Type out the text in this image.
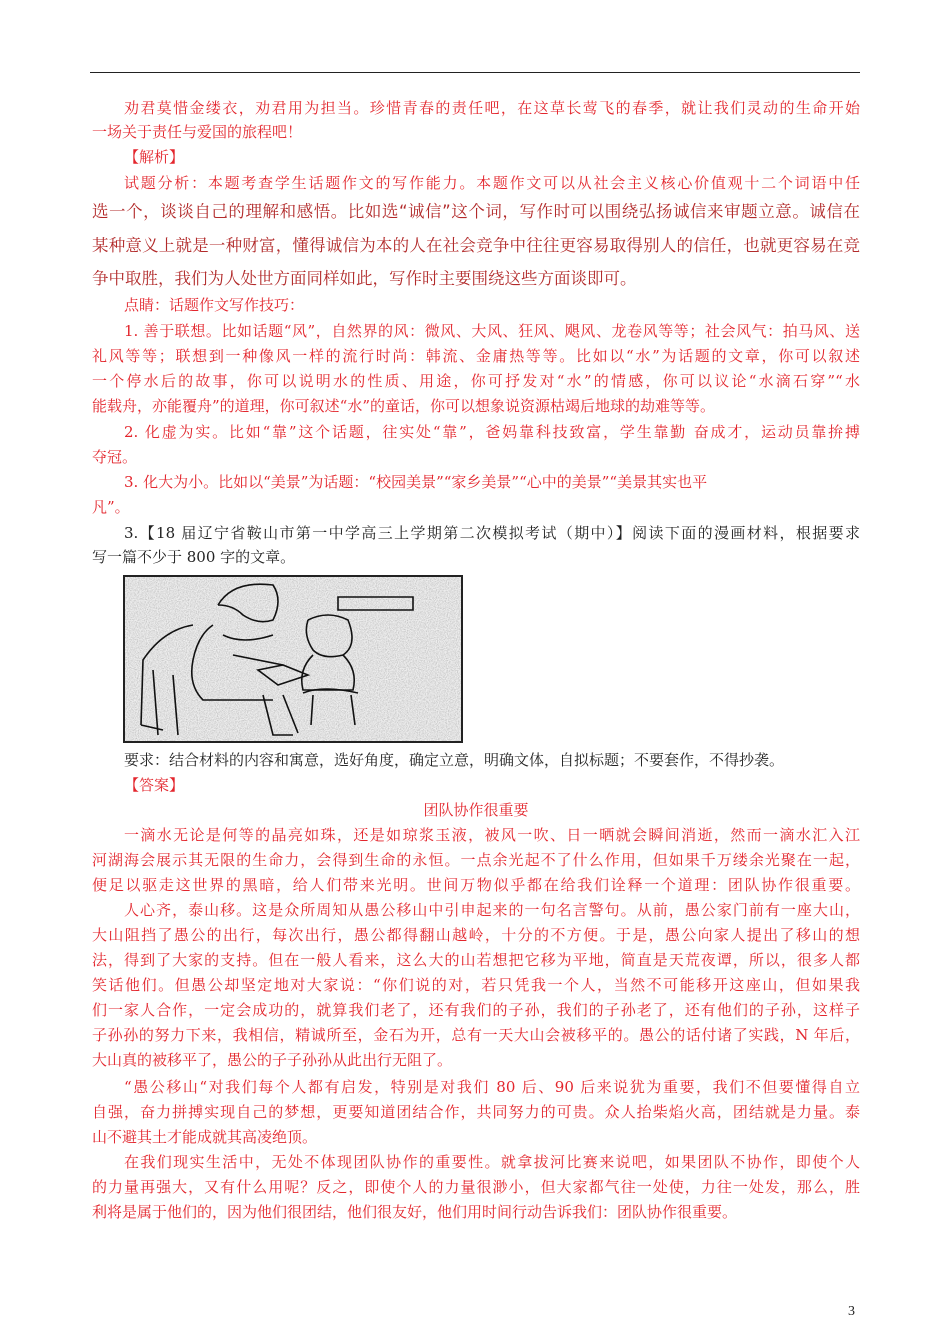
劝君莫惜金缕衣，劝君用为担当。珍惜青春的责任吧，在这草长莺飞的春季，就让我们灵动的生命开始
一场关于责任与爱国的旅程吧！
【解析】
试题分析：本题考查学生话题作文的写作能力。本题作文可以从社会主义核心价值观十二个词语中任
选一个，谈谈自己的理解和感悟。比如选“诚信”这个词，写作时可以围绕弘扬诚信来审题立意。诚信在
某种意义上就是一种财富，懂得诚信为本的人在社会竞争中往往更容易取得别人的信任，也就更容易在竞
争中取胜，我们为人处世方面同样如此，写作时主要围绕这些方面谈即可。
点睛：话题作文写作技巧：
1. 善于联想。比如话题“风”，自然界的风：微风、大风、狂风、飓风、龙卷风等等；社会风气：拍马风、送
礼风等等；联想到一种像风一样的流行时尚：韩流、金庸热等等。比如以“水”为话题的文章，你可以叙述
一个停水后的故事，你可以说明水的性质、用途，你可抒发对“水”的情感，你可以议论“水滴石穿”“水
能载舟，亦能覆舟”的道理，你可叙述“水”的童话，你可以想象说资源枯竭后地球的劫难等等。
2. 化虚为实。比如“靠”这个话题，往实处“靠”，爸妈靠科技致富，学生靠勤 奋成才，运动员靠拚搏
夺冠。
3. 化大为小。比如以“美景”为话题：“校园美景”“家乡美景”“心中的美景”“美景其实也平
凡”。
3.【18 届辽宁省鞍山市第一中学高三上学期第二次模拟考试（期中）】阅读下面的漫画材料，根据要求
写一篇不少于 800 字的文章。
要求：结合材料的内容和寓意，选好角度，确定立意，明确文体，自拟标题；不要套作，不得抄袭。
【答案】
团队协作很重要
一滴水无论是何等的晶亮如珠，还是如琼浆玉液，被风一吹、日一晒就会瞬间消逝，然而一滴水汇入江
河湖海会展示其无限的生命力，会得到生命的永恒。一点余光起不了什么作用，但如果千万缕余光聚在一起，
便足以驱走这世界的黑暗，给人们带来光明。世间万物似乎都在给我们诠释一个道理：团队协作很重要。
人心齐，泰山移。这是众所周知从愚公移山中引申起来的一句名言警句。从前，愚公家门前有一座大山，
大山阻挡了愚公的出行，每次出行，愚公都得翻山越岭，十分的不方便。于是，愚公向家人提出了移山的想
法，得到了大家的支持。但在一般人看来，这么大的山若想把它移为平地，简直是天荒夜谭，所以，很多人都
笑话他们。但愚公却坚定地对大家说：“你们说的对，若只凭我一个人，当然不可能移开这座山，但如果我
们一家人合作，一定会成功的，就算我们老了，还有我们的子孙，我们的子孙老了，还有他们的子孙，这样子
子孙孙的努力下来，我相信，精诚所至，金石为开，总有一天大山会被移平的。愚公的话付诸了实践，N 年后，
大山真的被移平了，愚公的子子孙孙从此出行无阻了。
“愚公移山“对我们每个人都有启发，特别是对我们 80 后、90 后来说犹为重要，我们不但要懂得自立
自强，奋力拼搏实现自己的梦想，更要知道团结合作，共同努力的可贵。众人抬柴焰火高，团结就是力量。泰
山不避其土才能成就其高凌绝顶。
在我们现实生活中，无处不体现团队协作的重要性。就拿拔河比赛来说吧，如果团队不协作，即使个人
的力量再强大，又有什么用呢？反之，即使个人的力量很渺小，但大家都气往一处使，力往一处发，那么，胜
利将是属于他们的，因为他们很团结，他们很友好，他们用时间行动告诉我们：团队协作很重要。
3
